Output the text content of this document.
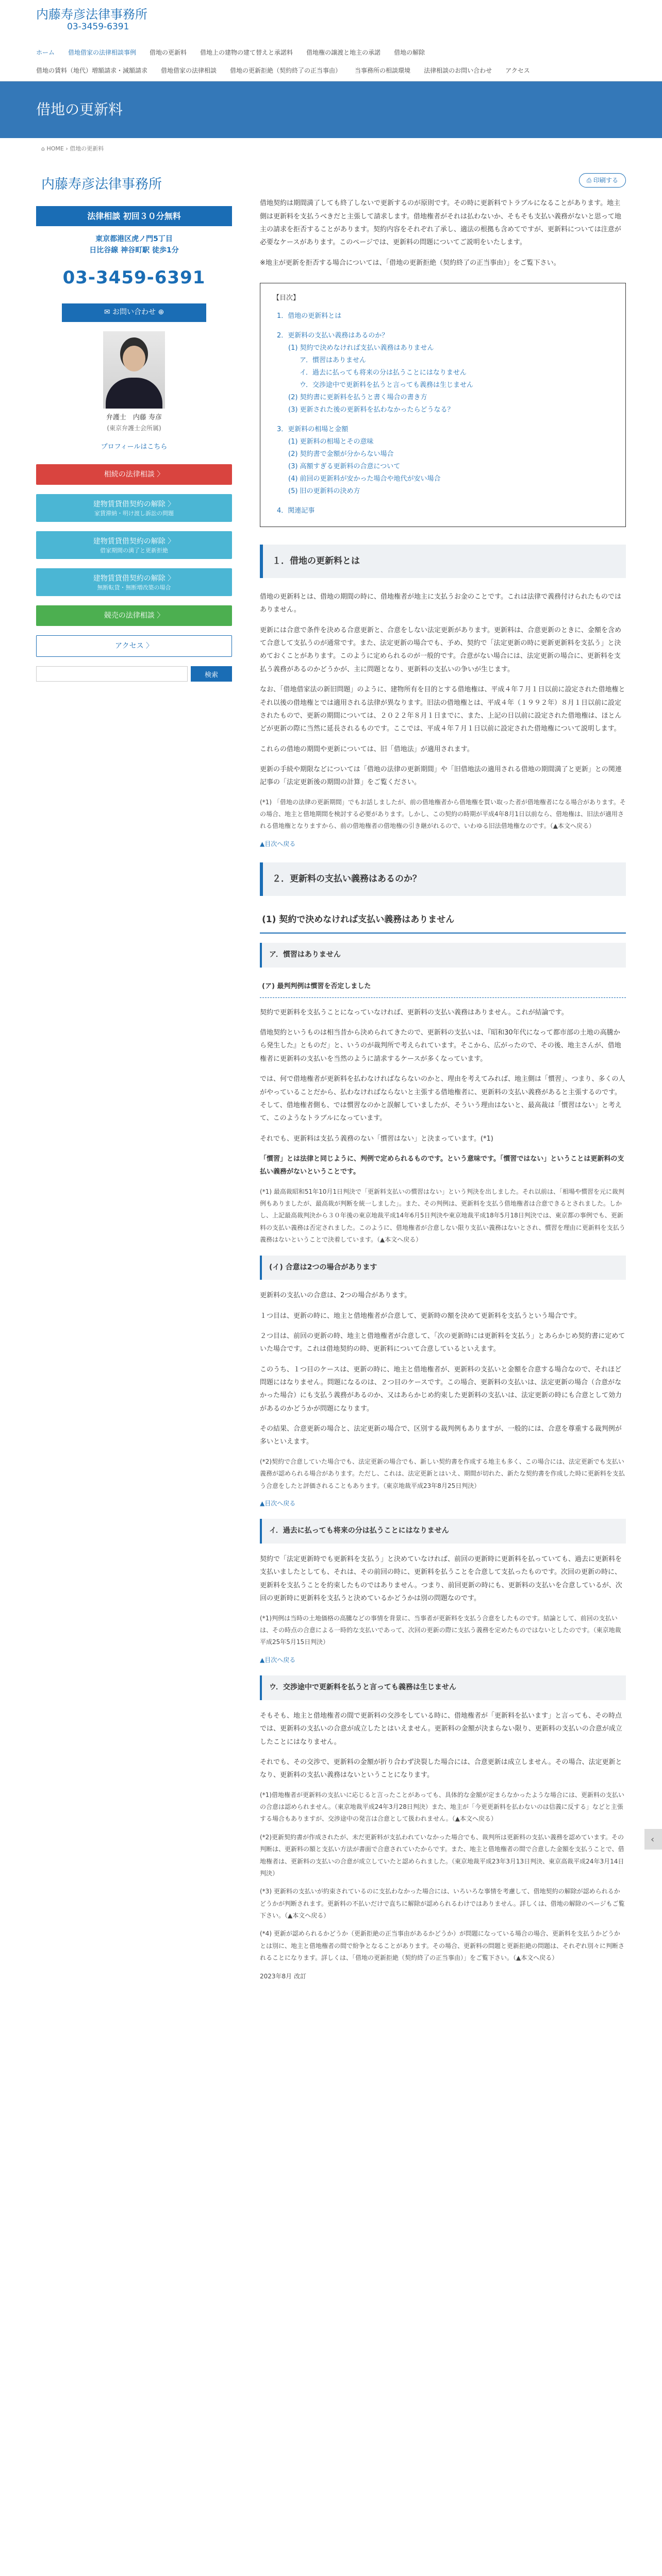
内藤寿彦法律事務所
03-3459-6391
ホーム 借地借家の法律相談事例 借地の更新料 借地上の建物の建て替えと承諾料 借地権の譲渡と地主の承諾 借地の解除
借地の賃料（地代）増額請求・減額請求 借地借家の法律相談 借地の更新拒絶（契約終了の正当事由） 当事務所の相談環境 法律相談のお問い合わせ アクセス
借地の更新料
⌂ HOME › 借地の更新料
内藤寿彦法律事務所
法律相談 初回３０分無料
東京都港区虎ノ門5丁目
日比谷線 神谷町駅 徒歩1分
03-3459-6391
✉ お問い合わせ ⊕
弁護士　内藤 寿彦
(東京弁護士会所属)
プロフィールはこちら
相続の法律相談 〉
建物賃貸借契約の解除 〉
家賃滞納・明け渡し訴訟の問題
建物賃貸借契約の解除 〉
借家期間の満了と更新拒絶
建物賃貸借契約の解除 〉
無断転貸・無断増改築の場合
競売の法律相談 〉
アクセス 〉
検索
⎙ 印刷する

借地契約は期間満了しても終了しないで更新するのが原則です。その時に更新料でトラブルになることがあります。地主側は更新料を支払うべきだと主張して請求します。借地権者がそれは払わないか、そもそも支払い義務がないと思って地主の請求を拒否することがあります。契約内容をそれぞれ了承し、適法の根拠も含めてですが、更新料については注意が必要なケースがあります。このページでは、更新料の問題についてご説明をいたします。

※地主が更新を拒否する場合については、「借地の更新拒絶（契約終了の正当事由）」をご覧下さい。

【目次】
1．借地の更新料とは
2．更新料の支払い義務はあるのか？
(1) 契約で決めなければ支払い義務はありません
ア．慣習はありません
イ．過去に払っても将来の分は払うことにはなりません
ウ．交渉途中で更新料を払うと言っても義務は生じません
(2) 契約書に更新料を払うと書く場合の書き方
(3) 更新された後の更新料を払わなかったらどうなる？
3．更新料の相場と金額
(1) 更新料の相場とその意味
(2) 契約書で金額が分からない場合
(3) 高額すぎる更新料の合意について
(4) 前回の更新料が安かった場合や地代が安い場合
(5) 旧の更新料の決め方
4．関連記事
１．借地の更新料とは

借地の更新料とは、借地の期間の時に、借地権者が地主に支払うお金のことです。これは法律で義務付けられたものではありません。

更新には合意で条件を決める合意更新と、合意をしない法定更新があります。更新料は、合意更新のときに、金額を含めて合意して支払うのが通常です。また、法定更新の場合でも、予め、契約で「法定更新の時に更新更新料を支払う」と決めておくことがあります。このように定められるのが一般的です。合意がない場合には、法定更新の場合に、更新料を支払う義務があるのかどうかが、主に問題となり、更新料の支払いの争いが生じます。

なお、「借地借家法の新旧問題」のように、建物所有を目的とする借地権は、平成４年７月１日以前に設定された借地権とそれ以後の借地権とでは適用される法律が異なります。旧法の借地権とは、平成４年（１９９２年）８月１日以前に設定されたもので、更新の期間については、２０２２年８月１日までに、また、上記の日以前に設定された借地権は、ほとんどが更新の際に当然に延長されるものです。ここでは、平成４年７月１日以前に設定された借地権について説明します。

これらの借地の期間や更新については、旧「借地法」が適用されます。

更新の手続や期限などについては「借地の法律の更新期間」や「旧借地法の適用される借地の期間満了と更新」との関連記事の「法定更新後の期間の計算」をご覧ください。

(*1) 「借地の法律の更新期間」でもお話しましたが、前の借地権者から借地権を買い取った者が借地権者になる場合があります。その場合、地主と借地期間を検討する必要があります。しかし、この契約の時期が平成4年8月1日以前なら、借地権は、旧法が適用される借地権となりますから、前の借地権者の借地権の引き継がれるので、いわゆる旧法借地権なのです。（▲本文へ戻る）

▲目次へ戻る
２．更新料の支払い義務はあるのか？
(1) 契約で決めなければ支払い義務はありません
ア．慣習はありません
(ア) 最判判例は慣習を否定しました

契約で更新料を支払うことになっていなければ、更新料の支払い義務はありません。これが結論です。

借地契約というものは相当昔から決められてきたので、更新料の支払いは、『昭和30年代になって都市部の土地の高騰から発生した』とものだ」と、いうのが裁判所で考えられています。そこから、広がったので、その後、地主さんが、借地権者に更新料の支払いを当然のように請求するケースが多くなっています。

では、何で借地権者が更新料を払わなければならないのかと、理由を考えてみれば、地主側は「慣習」、つまり、多くの人がやっていることだから、払わなければならないと主張する借地権者に、更新料の支払い義務があると主張するのです。そして、借地権者側も、では慣習なのかと誤解していましたが、そういう理由はないと、最高裁は「慣習はない」と考えて、このようなトラブルになっています。

それでも、更新料は支払う義務のない「慣習はない」と決まっています。(*1)

「慣習」とは法律と同じように、判例で定められるものです。という意味です。「慣習ではない」ということは更新料の支払い義務がないということです。

(*1) 最高裁昭和51年10月1日判決で「更新料支払いの慣習はない」という判決を出しました。それ以前は、「相場や慣習を元に裁判例もありましたが、最高裁が判断を統一しました」。また、その判例は、更新料を支払う借地権者は合意できるとされました。しかし、上記最高裁判決から３０年後の東京地裁平成14年6月5日判決や東京地裁平成18年5月18日判決では、東京都の事例でも、更新料の支払い義務は否定されました。このように、借地権者が合意しない限り支払い義務はないとされ、慣習を理由に更新料を支払う義務はないということで決着しています。（▲本文へ戻る）

(イ) 合意は2つの場合があります

更新料の支払いの合意は、2つの場合があります。

１つ目は、更新の時に、地主と借地権者が合意して、更新時の額を決めて更新料を支払うという場合です。

２つ目は、前回の更新の時、地主と借地権者が合意して、「次の更新時には更新料を支払う」とあらかじめ契約書に定めていた場合です。これは借地契約の時、更新料について合意しているといえます。

このうち、１つ目のケースは、更新の時に、地主と借地権者が、更新料の支払いと金額を合意する場合なので、それほど問題にはなりません。問題になるのは、２つ目のケースです。この場合、更新料の支払いは、法定更新の場合（合意がなかった場合）にも支払う義務があるのか、又はあらかじめ約束した更新料の支払いは、法定更新の時にも合意として効力があるのかどうかが問題になります。

その結果、合意更新の場合と、法定更新の場合で、区別する裁判例もありますが、一般的には、合意を尊重する裁判例が多いといえます。

(*2)契約で合意していた場合でも、法定更新の場合でも、新しい契約書を作成する地主も多く、この場合には、法定更新でも支払い義務が認められる場合があります。ただし、これは、法定更新とはいえ、期間が切れた、新たな契約書を作成した時に更新料を支払う合意をしたと評価されることもあります。（東京地裁平成23年8月25日判決）

▲目次へ戻る
イ．過去に払っても将来の分は払うことにはなりません

契約で「法定更新時でも更新料を支払う」と決めていなければ、前回の更新時に更新料を払っていても、過去に更新料を支払いましたとしても、それは、その前回の時に、更新料を払うことを合意して支払ったものです。次回の更新の時に、更新料を支払うことを約束したものではありません。つまり、前回更新の時にも、更新料の支払いを合意しているが、次回の更新時に更新料を支払うと決めているかどうかは別の問題なのです。

(*1)判例は当時の土地価格の高騰などの事情を背景に、当事者が更新料を支払う合意をしたものです。結論として、前回の支払いは、その時点の合意による一時的な支払いであって、次回の更新の際に支払う義務を定めたものではないとしたのです。（東京地裁平成25年5月15日判決）

▲目次へ戻る
ウ．交渉途中で更新料を払うと言っても義務は生じません

そもそも、地主と借地権者の間で更新料の交渉をしている時に、借地権者が「更新料を払います」と言っても、その時点では、更新料の支払いの合意が成立したとはいえません。更新料の金額が決まらない限り、更新料の支払いの合意が成立したことにはなりません。

それでも、その交渉で、更新料の金額が折り合わず決裂した場合には、合意更新は成立しません。その場合、法定更新となり、更新料の支払い義務はないということになります。

(*1)借地権者が更新料の支払いに応じると言ったことがあっても、具体的な金額が定まらなかったような場合には、更新料の支払いの合意は認められません。（東京地裁平成24年3月28日判決）また、地主が「今更更新料を払わないのは信義に反する」などと主張する場合もありますが、交渉途中の発言は合意として扱われません。（▲本文へ戻る）

(*2)更新契約書が作成されたが、未だ更新料が支払われていなかった場合でも、裁判所は更新料の支払い義務を認めています。その判断は、更新料の額と支払い方法が書面で合意されていたからです。また、地主と借地権者の間で合意した金額を支払うことで、借地権者は、更新料の支払いの合意が成立していたと認められました。（東京地裁平成23年3月13日判決、東京高裁平成24年3月14日判決）

(*3) 更新料の支払いが約束されているのに支払わなかった場合には、いろいろな事情を考慮して、借地契約の解除が認められるかどうかが判断されます。更新料の不払いだけで直ちに解除が認められるわけではありません。詳しくは、借地の解除のページもご覧下さい。（▲本文へ戻る）

(*4) 更新が認められるかどうか（更新拒絶の正当事由があるかどうか）が問題になっている場合の場合、更新料を支払うかどうかとは別に、地主と借地権者の間で紛争となることがあります。その場合、更新料の問題と更新拒絶の問題は、それぞれ別々に判断されることになります。詳しくは、「借地の更新拒絶（契約終了の正当事由）」をご覧下さい。（▲本文へ戻る）

2023年8月 改訂

‹
